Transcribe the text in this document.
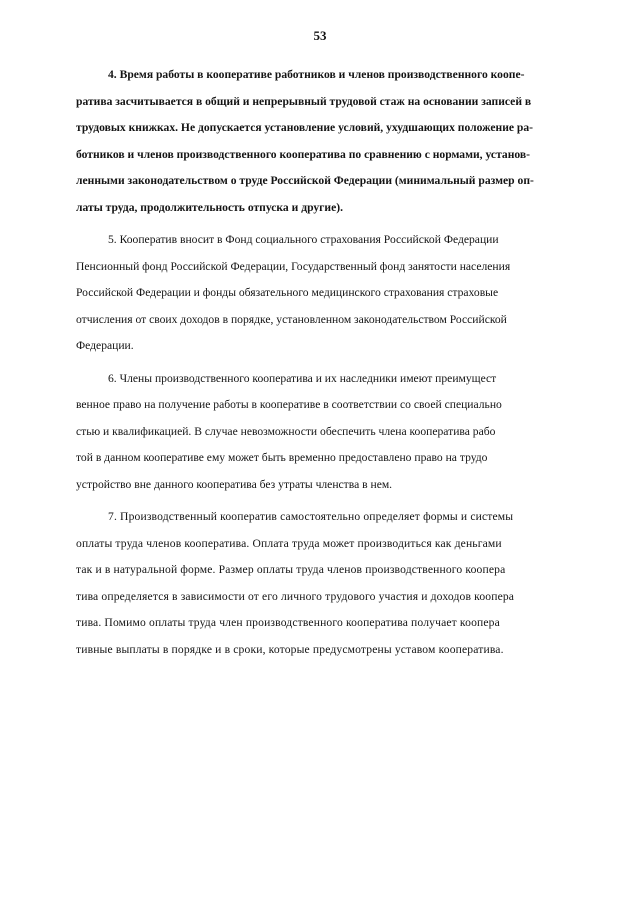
53
4. Время работы в кооперативе работников и членов производственного коопе-
ратива засчитывается в общий и непрерывный трудовой стаж на основании записей в
трудовых книжках. Не допускается установление условий, ухудшающих положение ра-
ботников и членов производственного кооператива по сравнению с нормами, установ-
ленными законодательством о труде Российской Федерации (минимальный размер оп-
латы труда, продолжительность отпуска и другие).
5. Кооператив вносит в Фонд социального страхования Российской Федерации
Пенсионный фонд Российской Федерации, Государственный фонд занятости населения
Российской Федерации и фонды обязательного медицинского страхования страховые
отчисления от своих доходов в порядке, установленном законодательством Российской
Федерации.
6. Члены производственного кооператива и их наследники имеют преимущест
венное право на получение работы в кооперативе в соответствии со своей специально
стью и квалификацией. В случае невозможности обеспечить члена кооператива рабо
той в данном кооперативе ему может быть временно предоставлено право на трудо
устройство вне данного кооператива без утраты членства в нем.
7. Производственный кооператив самостоятельно определяет формы и системы
оплаты труда членов кооператива. Оплата труда может производиться как деньгами
так и в натуральной форме. Размер оплаты труда членов производственного коопера
тива определяется в зависимости от его личного трудового участия и доходов коопера
тива. Помимо оплаты труда член производственного кооператива получает коопера
тивные выплаты в порядке и в сроки, которые предусмотрены уставом кооператива.
